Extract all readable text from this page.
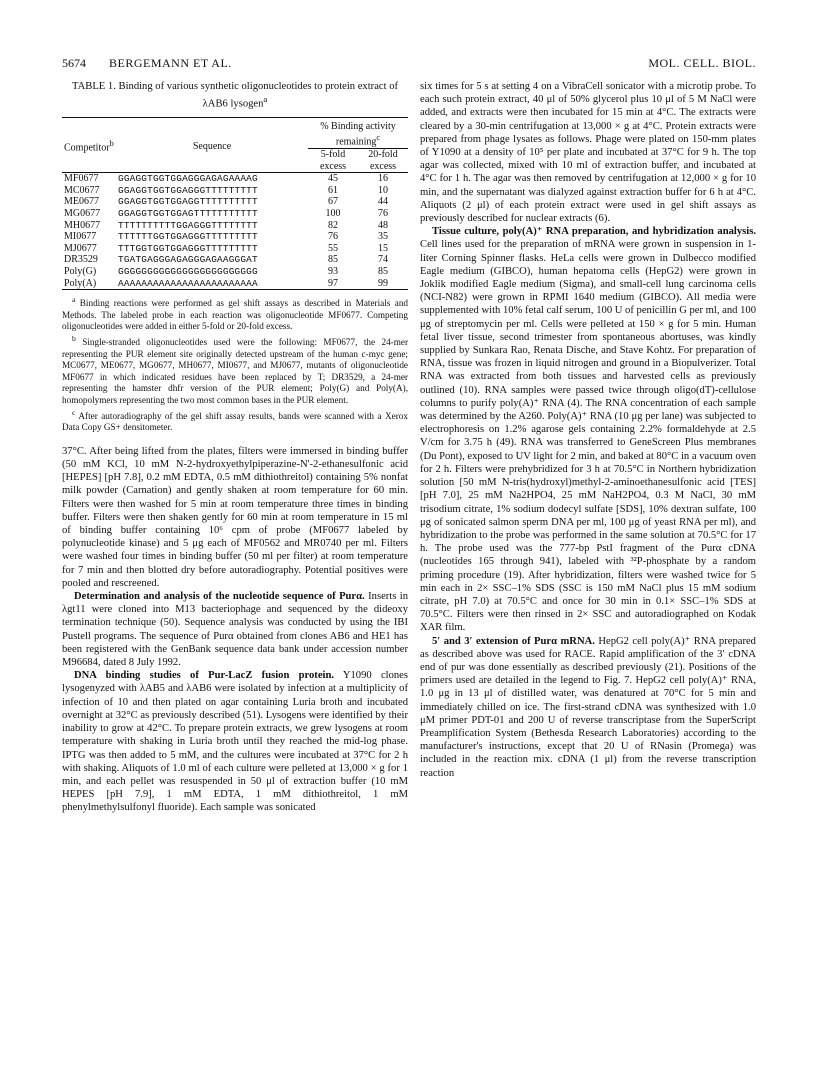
5674 BERGEMANN ET AL.	MOL. CELL. BIOL.
TABLE 1. Binding of various synthetic oligonucleotides to protein extract of λAB6 lysogen$^a$
Competitor$^b$	Sequence	% Binding activity remaining$^c$
		5-fold excess	20-fold excess
MF0677	GGAGGTGGTGGAGGGAGAGAAAAG	45	16
MC0677	GGAGGTGGTGGAGGGTTTTTTTTT	61	10
ME0677	GGAGGTGGTGGAGGTTTTTTTTTT	67	44
MG0677	GGAGGTGGTGGAGTTTTTTTTTTT	100	76
MH0677	TTTTTTTTTTGGAGGGTTTTTTTT	82	48
MI0677	TTTTTTGGTGGAGGGTTTTTTTTT	76	35
MJ0677	TTTGGTGGTGGAGGGTTTTTTTTT	55	15
DR3529	TGATGAGGGAGAGGGAGAAGGGAT	85	74
Poly(G)	GGGGGGGGGGGGGGGGGGGGGGGG	93	85
Poly(A)	AAAAAAAAAAAAAAAAAAAAAAAA	97	99

$^a$ Binding reactions were performed as gel shift assays as described in Materials and Methods. The labeled probe in each reaction was oligonucleotide MF0677. Competing oligonucleotides were added in either 5-fold or 20-fold excess.

$^b$ Single-stranded oligonucleotides used were the following: MF0677, the 24-mer representing the PUR element site originally detected upstream of the human c-myc gene; MC0677, ME0677, MG0677, MH0677, MI0677, and MJ0677, mutants of oligonucleotide MF0677 in which indicated residues have been replaced by T; DR3529, a 24-mer representing the hamster dhfr version of the PUR element; Poly(G) and Poly(A), homopolymers representing the two most common bases in the PUR element.

$^c$ After autoradiography of the gel shift assay results, bands were scanned with a Xerox Data Copy GS+ densitometer.

37°C. After being lifted from the plates, filters were immersed in binding buffer (50 mM KCl, 10 mM N-2-hydroxyethylpiperazine-N'-2-ethanesulfonic acid [HEPES] [pH 7.8], 0.2 mM EDTA, 0.5 mM dithiothreitol) containing 5% nonfat milk powder (Carnation) and gently shaken at room temperature for 60 min. Filters were then washed for 5 min at room temperature three times in binding buffer. Filters were then shaken gently for 60 min at room temperature in 15 ml of binding buffer containing 10⁶ cpm of probe (MF0677 labeled by polynucleotide kinase) and 5 μg each of MF0562 and MR0740 per ml. Filters were washed four times in binding buffer (50 ml per filter) at room temperature for 7 min and then blotted dry before autoradiography. Potential positives were pooled and rescreened.

Determination and analysis of the nucleotide sequence of Purα. Inserts in λgt11 were cloned into M13 bacteriophage and sequenced by the dideoxy termination technique (50). Sequence analysis was conducted by using the IBI Pustell programs. The sequence of Purα obtained from clones AB6 and HE1 has been registered with the GenBank sequence data bank under accession number M96684, dated 8 July 1992.

DNA binding studies of Pur-LacZ fusion protein. Y1090 clones lysogenyzed with λAB5 and λAB6 were isolated by infection at a multiplicity of infection of 10 and then plated on agar containing Luria broth and incubated overnight at 32°C as previously described (51). Lysogens were identified by their inability to grow at 42°C. To prepare protein extracts, we grew lysogens at room temperature with shaking in Luria broth until they reached the mid-log phase. IPTG was then added to 5 mM, and the cultures were incubated at 37°C for 2 h with shaking. Aliquots of 1.0 ml of each culture were pelleted at 13,000 × g for 1 min, and each pellet was resuspended in 50 μl of extraction buffer (10 mM HEPES [pH 7.9], 1 mM EDTA, 1 mM dithiothreitol, 1 mM phenylmethylsulfonyl fluoride). Each sample was sonicated

six times for 5 s at setting 4 on a VibraCell sonicator with a microtip probe. To each such protein extract, 40 μl of 50% glycerol plus 10 μl of 5 M NaCl were added, and extracts were then incubated for 15 min at 4°C. The extracts were cleared by a 30-min centrifugation at 13,000 × g at 4°C. Protein extracts were prepared from phage lysates as follows. Phage were plated on 150-mm plates of Y1090 at a density of 10⁵ per plate and incubated at 37°C for 9 h. The top agar was collected, mixed with 10 ml of extraction buffer, and incubated at 4°C for 1 h. The agar was then removed by centrifugation at 12,000 × g for 10 min, and the supernatant was dialyzed against extraction buffer for 6 h at 4°C. Aliquots (2 μl) of each protein extract were used in gel shift assays as previously described for nuclear extracts (6).

Tissue culture, poly(A)⁺ RNA preparation, and hybridization analysis. Cell lines used for the preparation of mRNA were grown in suspension in 1-liter Corning Spinner flasks. HeLa cells were grown in Dulbecco modified Eagle medium (GIBCO), human hepatoma cells (HepG2) were grown in Joklik modified Eagle medium (Sigma), and small-cell lung carcinoma cells (NCI-N82) were grown in RPMI 1640 medium (GIBCO). All media were supplemented with 10% fetal calf serum, 100 U of penicillin G per ml, and 100 μg of streptomycin per ml. Cells were pelleted at 150 × g for 5 min. Human fetal liver tissue, second trimester from spontaneous abortuses, was kindly supplied by Sunkara Rao, Renata Dische, and Stave Kohtz. For preparation of RNA, tissue was frozen in liquid nitrogen and ground in a Biopulverizer. Total RNA was extracted from both tissues and harvested cells as previously outlined (10). RNA samples were passed twice through oligo(dT)-cellulose columns to purify poly(A)⁺ RNA (4). The RNA concentration of each sample was determined by the A260. Poly(A)⁺ RNA (10 μg per lane) was subjected to electrophoresis on 1.2% agarose gels containing 2.2% formaldehyde at 2.5 V/cm for 3.75 h (49). RNA was transferred to GeneScreen Plus membranes (Du Pont), exposed to UV light for 2 min, and baked at 80°C in a vacuum oven for 2 h. Filters were prehybridized for 3 h at 70.5°C in Northern hybridization solution [50 mM N-tris(hydroxyl)methyl-2-aminoethanesulfonic acid [TES] [pH 7.0], 25 mM Na2HPO4, 25 mM NaH2PO4, 0.3 M NaCl, 30 mM trisodium citrate, 1% sodium dodecyl sulfate [SDS], 10% dextran sulfate, 100 μg of sonicated salmon sperm DNA per ml, 100 μg of yeast RNA per ml), and hybridization to the probe was performed in the same solution at 70.5°C for 17 h. The probe used was the 777-bp PstI fragment of the Purα cDNA (nucleotides 165 through 941), labeled with ³²P-phosphate by a random priming procedure (19). After hybridization, filters were washed twice for 5 min each in 2× SSC–1% SDS (SSC is 150 mM NaCl plus 15 mM sodium citrate, pH 7.0) at 70.5°C and once for 30 min in 0.1× SSC–1% SDS at 70.5°C. Filters were then rinsed in 2× SSC and autoradiographed on Kodak XAR film.

5′ and 3′ extension of Purα mRNA. HepG2 cell poly(A)⁺ RNA prepared as described above was used for RACE. Rapid amplification of the 3′ cDNA end of pur was done essentially as described previously (21). Positions of the primers used are detailed in the legend to Fig. 7. HepG2 cell poly(A)⁺ RNA, 1.0 μg in 13 μl of distilled water, was denatured at 70°C for 5 min and immediately chilled on ice. The first-strand cDNA was synthesized with 1.0 μM primer PDT-01 and 200 U of reverse transcriptase from the SuperScript Preamplification System (Bethesda Research Laboratories) according to the manufacturer's instructions, except that 20 U of RNasin (Promega) was included in the reaction mix. cDNA (1 μl) from the reverse transcription reaction
